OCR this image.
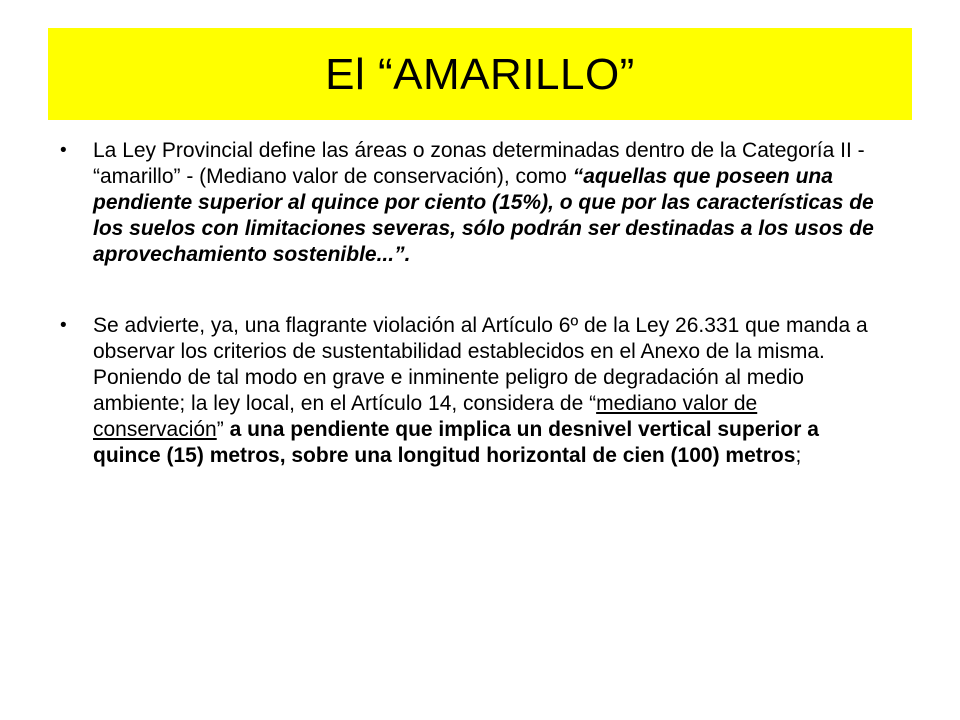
El “AMARILLO”
• La Ley Provincial define las áreas o zonas determinadas dentro de la Categoría II - “amarillo” - (Mediano valor de conservación), como “aquellas que poseen una pendiente superior al quince por ciento (15%), o que por las características de los suelos con limitaciones severas, sólo podrán ser destinadas a los usos de aprovechamiento sostenible...”.
• Se advierte, ya, una flagrante violación al Artículo 6º de la Ley 26.331 que manda a observar los criterios de sustentabilidad establecidos en el Anexo de la misma. Poniendo de tal modo en grave e inminente peligro de degradación al medio ambiente; la ley local, en el Artículo 14, considera de “mediano valor de conservación” a una pendiente que implica un desnivel vertical superior a quince (15) metros, sobre una longitud horizontal de cien (100) metros;
